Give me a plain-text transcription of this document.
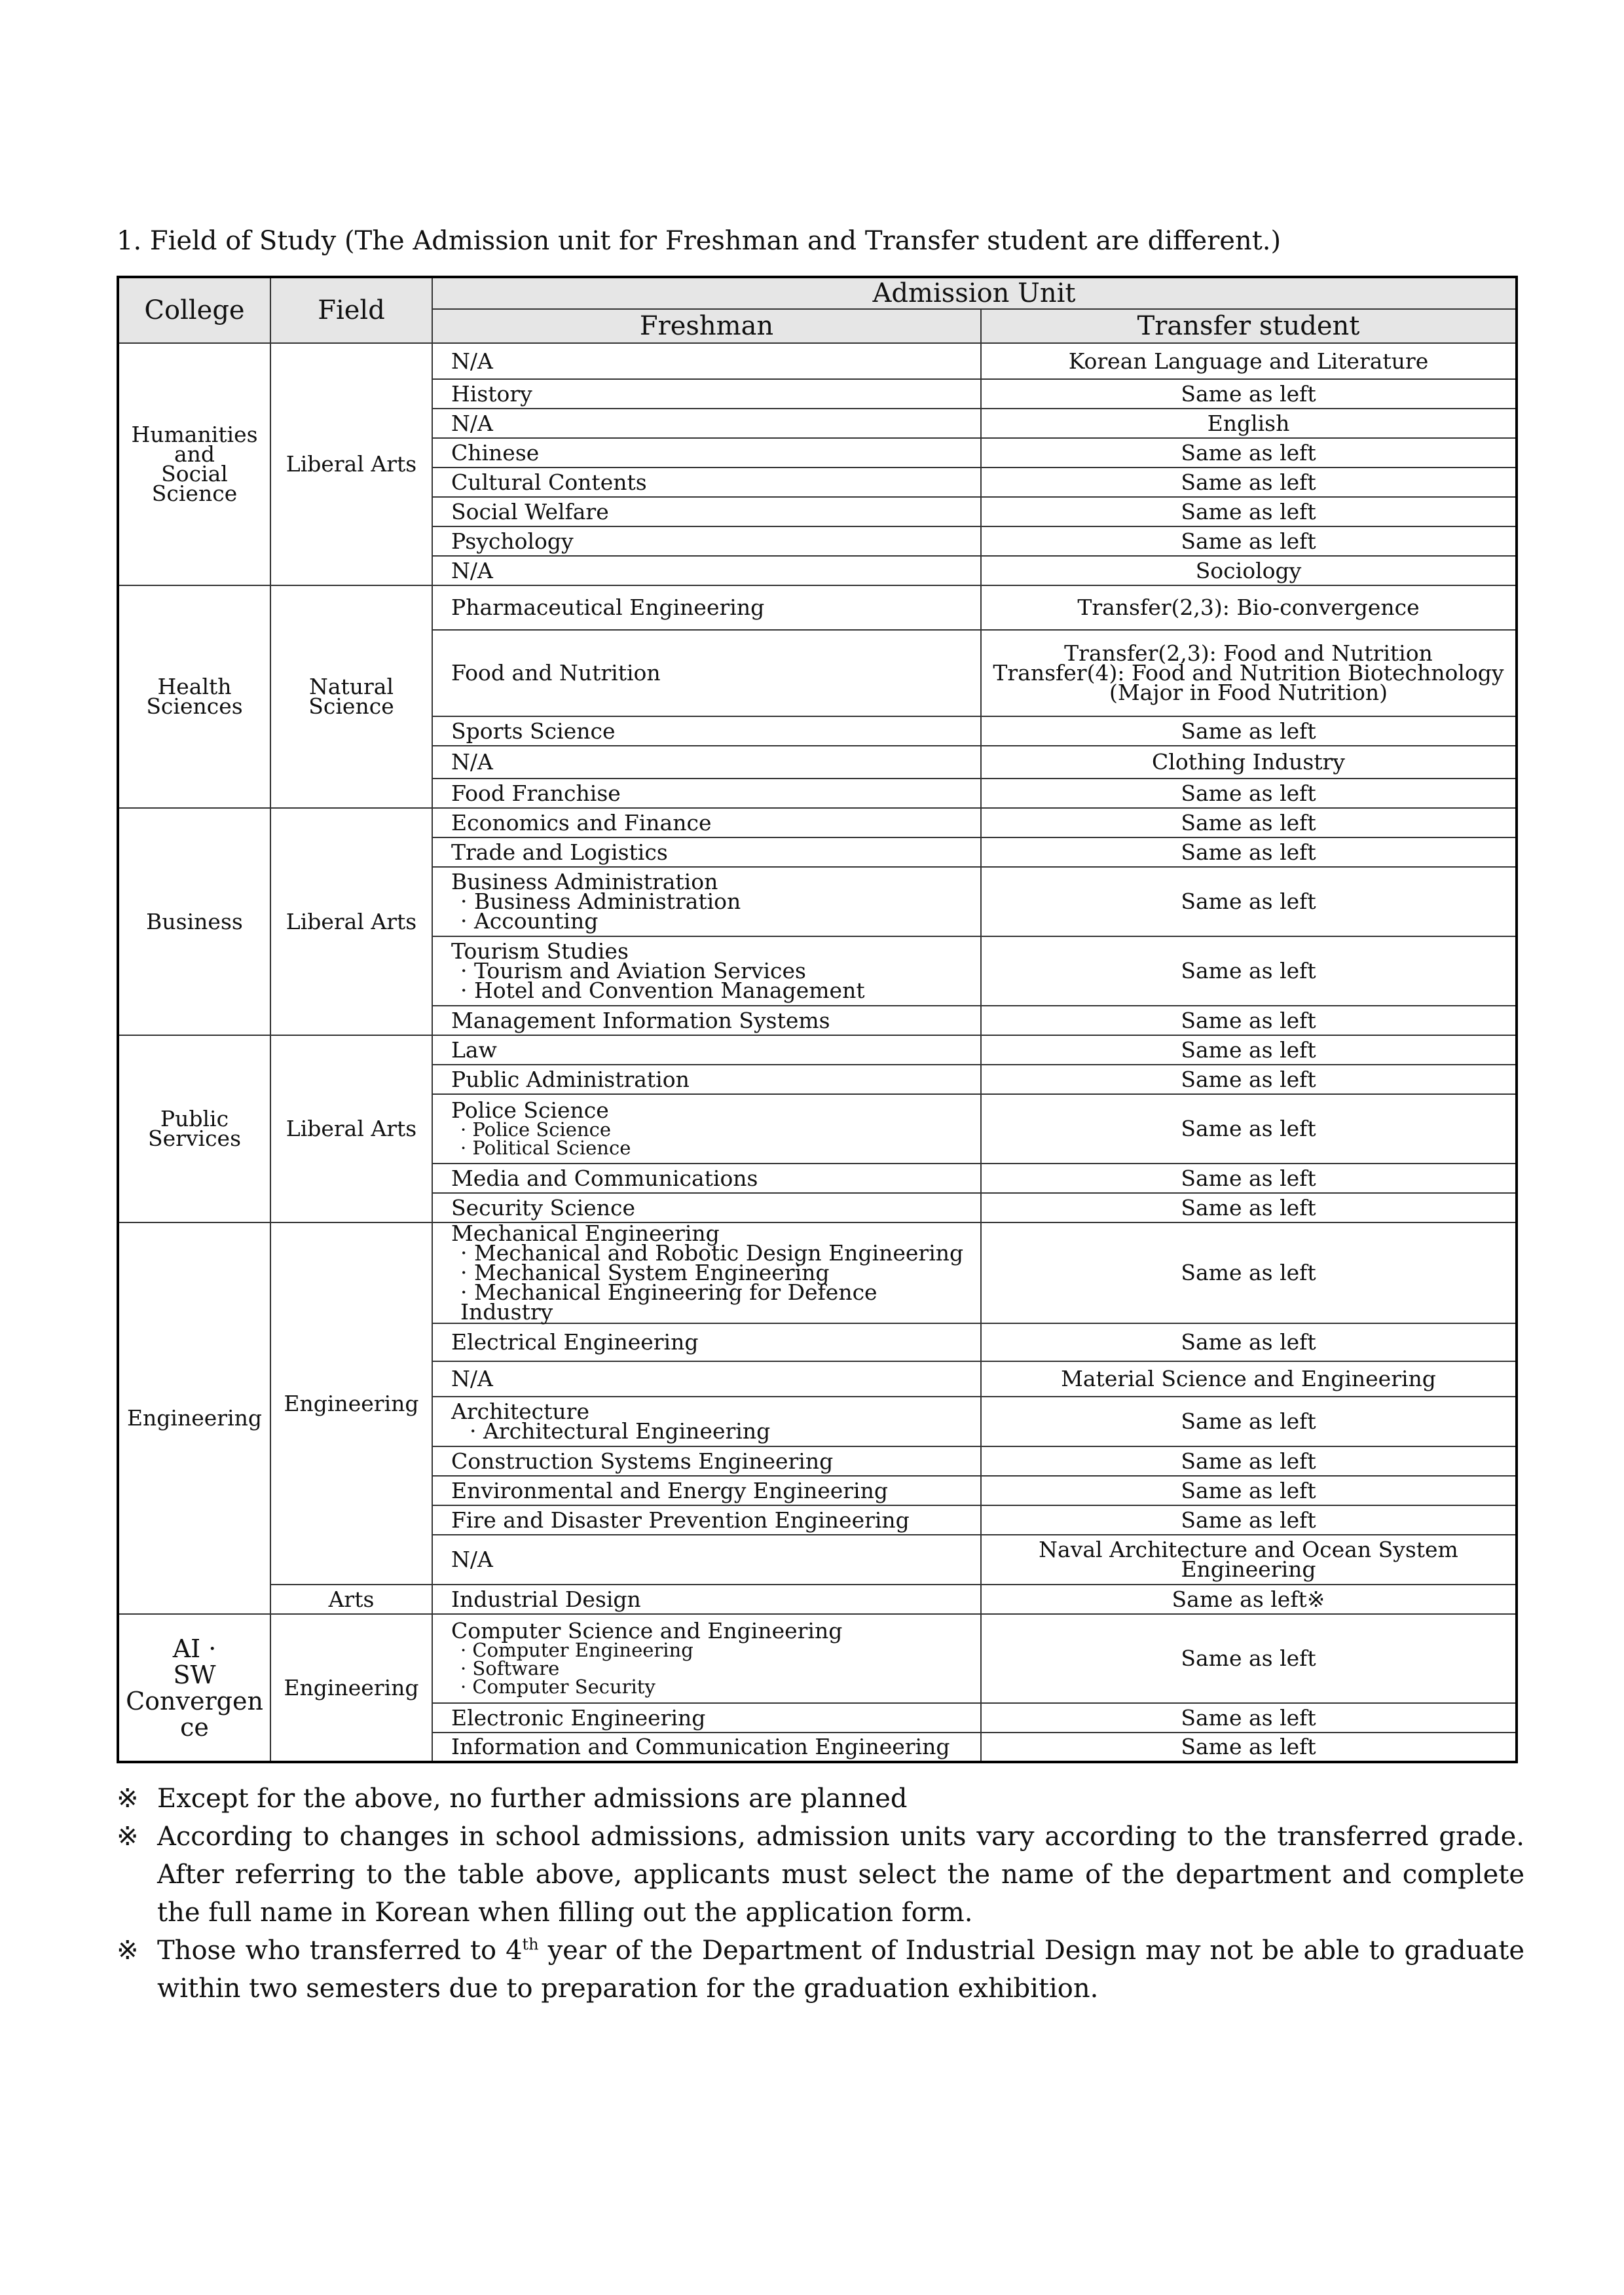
1. Field of Study (The Admission unit for Freshman and Transfer student are different.)
College	Field	Admission Unit	
		Freshman	Transfer student

Humanities
and
Social
Science	Liberal Arts	N/A	Korean Language and Literature

		History	Same as left

		N/A	English

		Chinese	Same as left

		Cultural Contents	Same as left

		Social Welfare	Same as left

		Psychology	Same as left

		N/A	Sociology

Health
Sciences	Natural Science	Pharmaceutical Engineering	Transfer(2,3): Bio-convergence

		Food and Nutrition	Transfer(2,3): Food and Nutrition
Transfer(4): Food and Nutrition Biotechnology
(Major in Food Nutrition)

		Sports Science	Same as left

		N/A	Clothing Industry

		Food Franchise	Same as left

Business	Liberal Arts	Economics and Finance	Same as left

		Trade and Logistics	Same as left

		Business Administration
· Business Administration
· Accounting	Same as left

		Tourism Studies
· Tourism and Aviation Services
· Hotel and Convention Management	Same as left

		Management Information Systems	Same as left

Public
Services	Liberal Arts	Law	Same as left

		Public Administration	Same as left

		Police Science
· Police Science
· Political Science	Same as left

		Media and Communications	Same as left

		Security Science	Same as left

Engineering	Engineering	Mechanical Engineering
· Mechanical and Robotic Design Engineering
· Mechanical System Engineering
· Mechanical Engineering for Defence Industry	Same as left

		Electrical Engineering	Same as left

		N/A	Material Science and Engineering

		Architecture
· Architectural Engineering	Same as left

		Construction Systems Engineering	Same as left

		Environmental and Energy Engineering	Same as left

		Fire and Disaster Prevention Engineering	Same as left

		N/A	Naval Architecture and Ocean System
Engineering

	Arts	Industrial Design	Same as left※

AI ·
SW
Convergen
ce	Engineering	Computer Science and Engineering
· Computer Engineering
· Software
· Computer Security	Same as left

		Electronic Engineering	Same as left

		Information and Communication Engineering	Same as left
※ Except for the above, no further admissions are planned
※ According to changes in school admissions, admission units vary according to the transferred grade. After referring to the table above, applicants must select the name of the department and complete the full name in Korean when filling out the application form.
※ Those who transferred to 4th year of the Department of Industrial Design may not be able to graduate within two semesters due to preparation for the graduation exhibition.
